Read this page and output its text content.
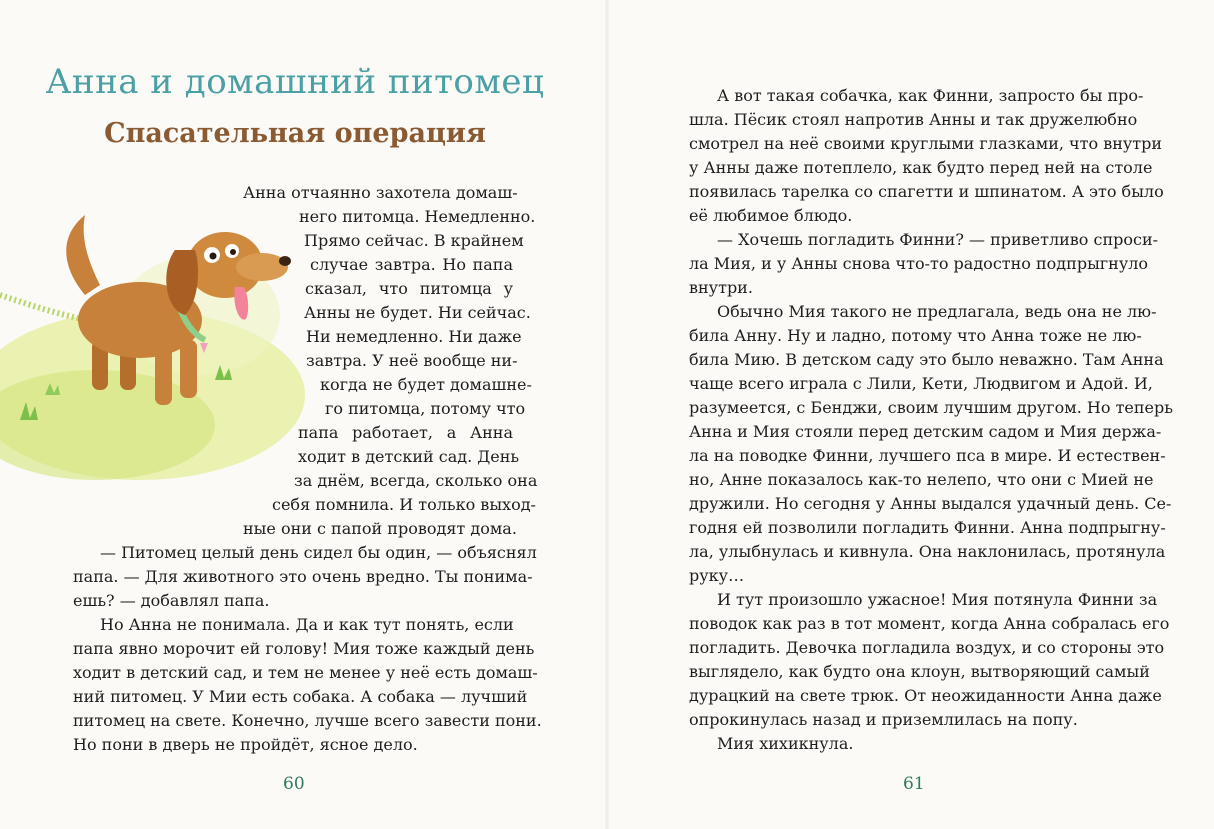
Анна и домашний питомец
Спасательная операция
Анна отчаянно захотела домаш-
него питомца. Немедленно.
Прямо сейчас. В крайнем
случае завтра. Но папа
сказал, что питомца у
Анны не будет. Ни сейчас.
Ни немедленно. Ни даже
завтра. У неё вообще ни-
когда не будет домашне-
го питомца, потому что
папа работает, а Анна
ходит в детский сад. День
за днём, всегда, сколько она
себя помнила. И только выход-
ные они с папой проводят дома.
— Питомец целый день сидел бы один, — объяснял
папа. — Для животного это очень вредно. Ты понима-
ешь? — добавлял папа.
Но Анна не понимала. Да и как тут понять, если
папа явно морочит ей голову! Мия тоже каждый день
ходит в детский сад, и тем не менее у неё есть домаш-
ний питомец. У Мии есть собака. А собака — лучший
питомец на свете. Конечно, лучше всего завести пони.
Но пони в дверь не пройдёт, ясное дело.
60
А вот такая собачка, как Финни, запросто бы про-
шла. Пёсик стоял напротив Анны и так дружелюбно
смотрел на неё своими круглыми глазками, что внутри
у Анны даже потеплело, как будто перед ней на столе
появилась тарелка со спагетти и шпинатом. А это было
её любимое блюдо.
— Хочешь погладить Финни? — приветливо спроси-
ла Мия, и у Анны снова что-то радостно подпрыгнуло
внутри.
Обычно Мия такого не предлагала, ведь она не лю-
била Анну. Ну и ладно, потому что Анна тоже не лю-
била Мию. В детском саду это было неважно. Там Анна
чаще всего играла с Лили, Кети, Людвигом и Адой. И,
разумеется, с Бенджи, своим лучшим другом. Но теперь
Анна и Мия стояли перед детским садом и Мия держа-
ла на поводке Финни, лучшего пса в мире. И естествен-
но, Анне показалось как-то нелепо, что они с Мией не
дружили. Но сегодня у Анны выдался удачный день. Се-
годня ей позволили погладить Финни. Анна подпрыгну-
ла, улыбнулась и кивнула. Она наклонилась, протянула
руку…
И тут произошло ужасное! Мия потянула Финни за
поводок как раз в тот момент, когда Анна собралась его
погладить. Девочка погладила воздух, и со стороны это
выглядело, как будто она клоун, вытворяющий самый
дурацкий на свете трюк. От неожиданности Анна даже
опрокинулась назад и приземлилась на попу.
Мия хихикнула.
61
